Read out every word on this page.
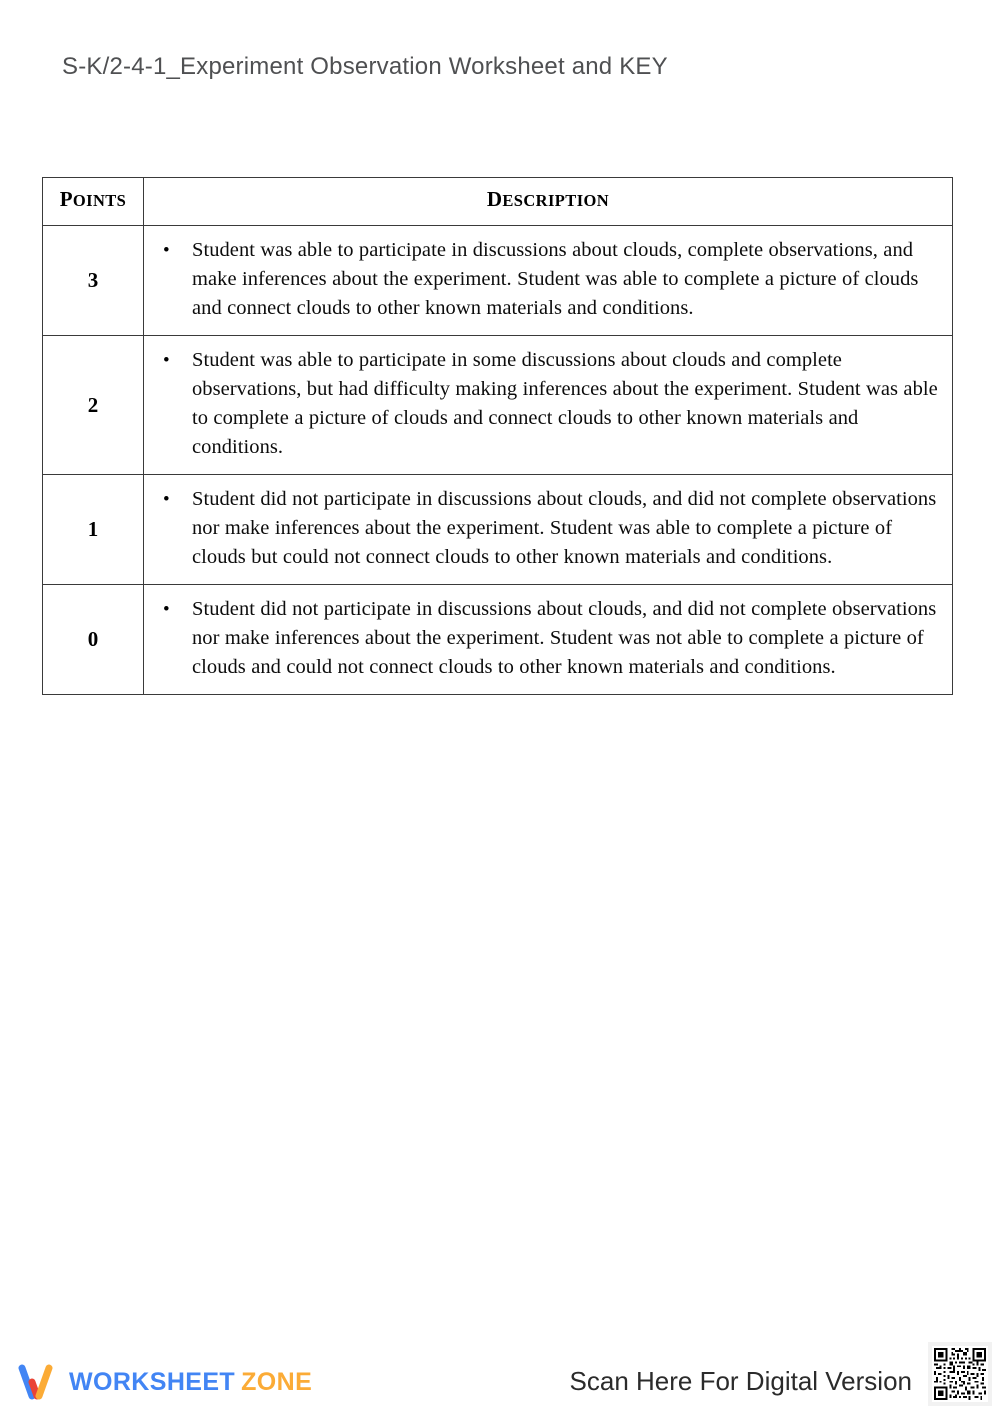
S-K/2-4-1_Experiment Observation Worksheet and KEY
POINTS	DESCRIPTION
3	• Student was able to participate in discussions about clouds, complete observations, and make inferences about the experiment. Student was able to complete a picture of clouds and connect clouds to other known materials and conditions.

2	• Student was able to participate in some discussions about clouds and complete observations, but had difficulty making inferences about the experiment. Student was able to complete a picture of clouds and connect clouds to other known materials and conditions.

1	• Student did not participate in discussions about clouds, and did not complete observations nor make inferences about the experiment. Student was able to complete a picture of clouds but could not connect clouds to other known materials and conditions.

0	• Student did not participate in discussions about clouds, and did not complete observations nor make inferences about the experiment. Student was not able to complete a picture of clouds and could not connect clouds to other known materials and conditions.
WORKSHEET ZONE	Scan Here For Digital Version
